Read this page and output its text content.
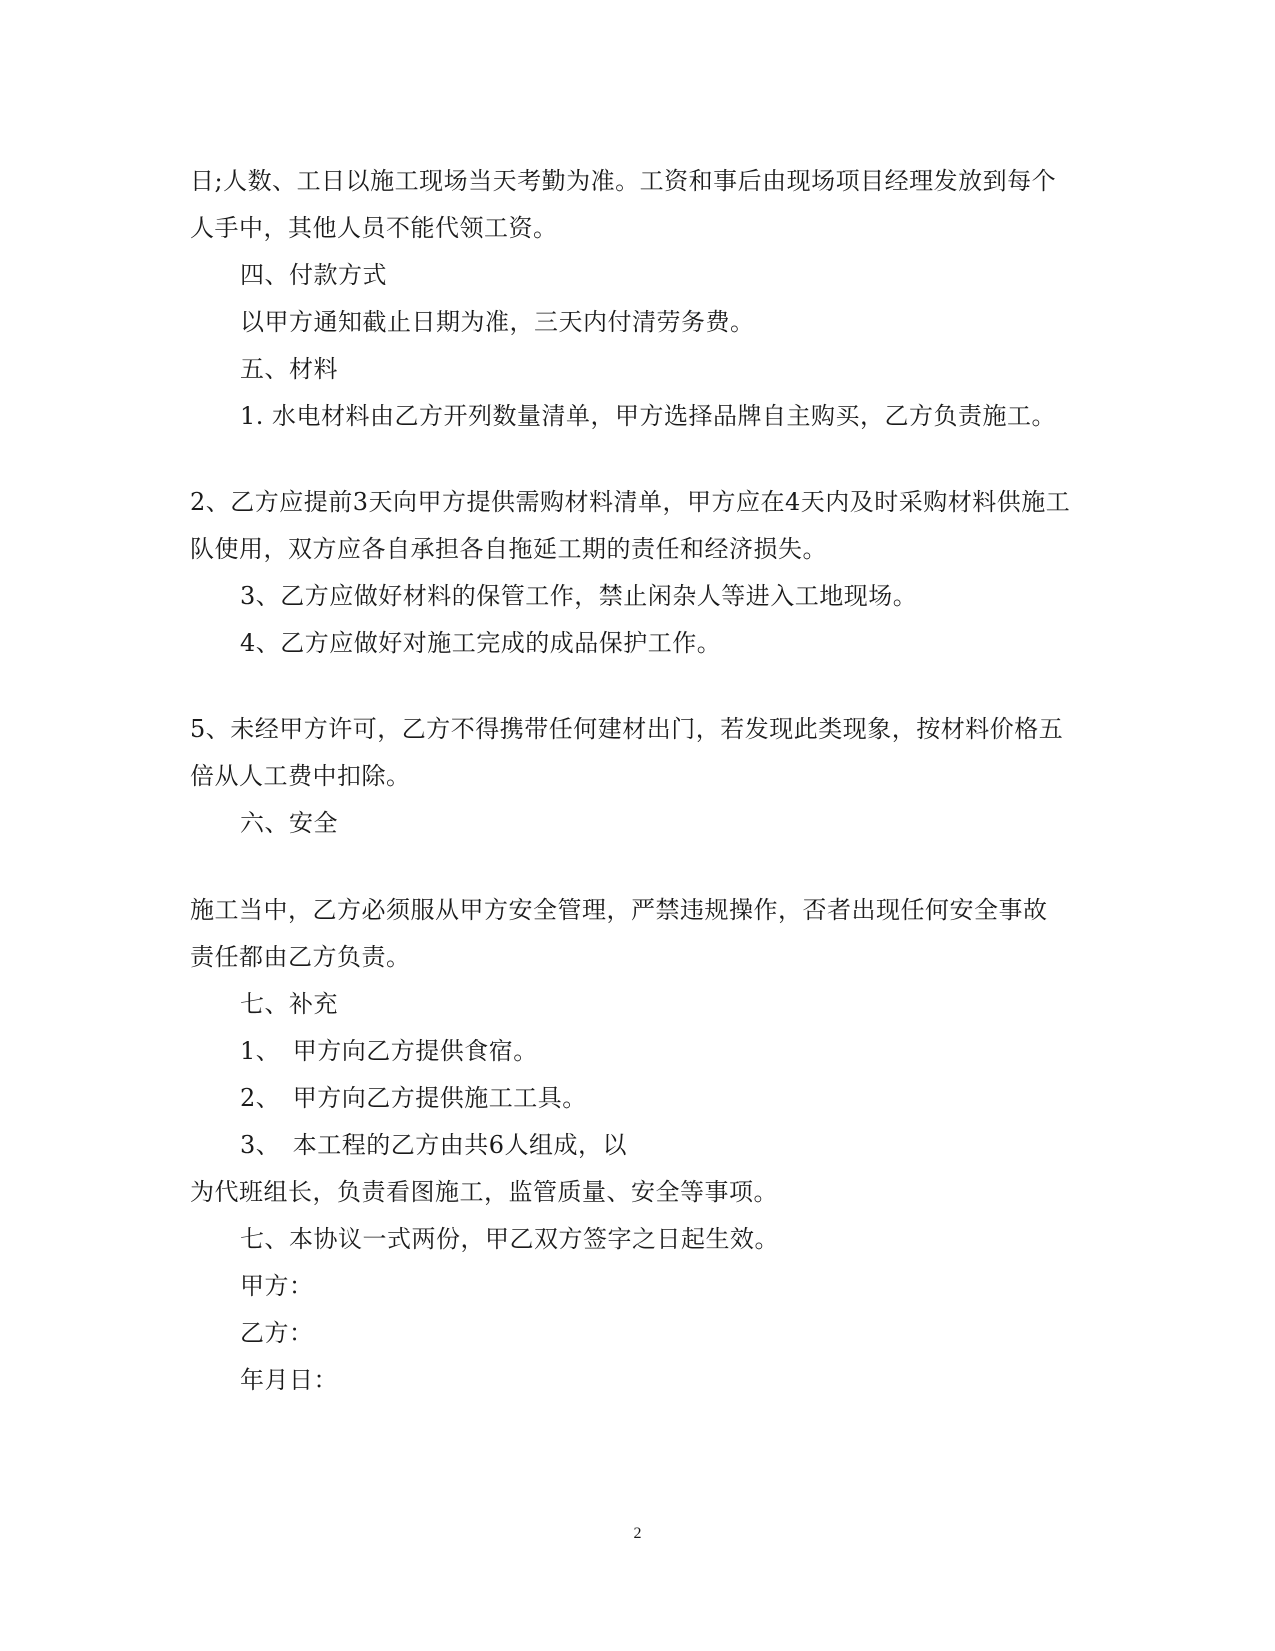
日;人数、工日以施工现场当天考勤为准。工资和事后由现场项目经理发放到每个
人手中，其他人员不能代领工资。
四、付款方式
以甲方通知截止日期为准，三天内付清劳务费。
五、材料
1. 水电材料由乙方开列数量清单，甲方选择品牌自主购买，乙方负责施工。
2、乙方应提前3天向甲方提供需购材料清单，甲方应在4天内及时采购材料供施工
队使用，双方应各自承担各自拖延工期的责任和经济损失。
3、乙方应做好材料的保管工作，禁止闲杂人等进入工地现场。
4、乙方应做好对施工完成的成品保护工作。
5、未经甲方许可，乙方不得携带任何建材出门，若发现此类现象，按材料价格五
倍从人工费中扣除。
六、安全
施工当中，乙方必须服从甲方安全管理，严禁违规操作，否者出现任何安全事故
责任都由乙方负责。
七、补充
1、　甲方向乙方提供食宿。
2、　甲方向乙方提供施工工具。
3、　本工程的乙方由共6人组成，以
为代班组长，负责看图施工，监管质量、安全等事项。
七、本协议一式两份，甲乙双方签字之日起生效。
甲方：
乙方：
年月日：
2
